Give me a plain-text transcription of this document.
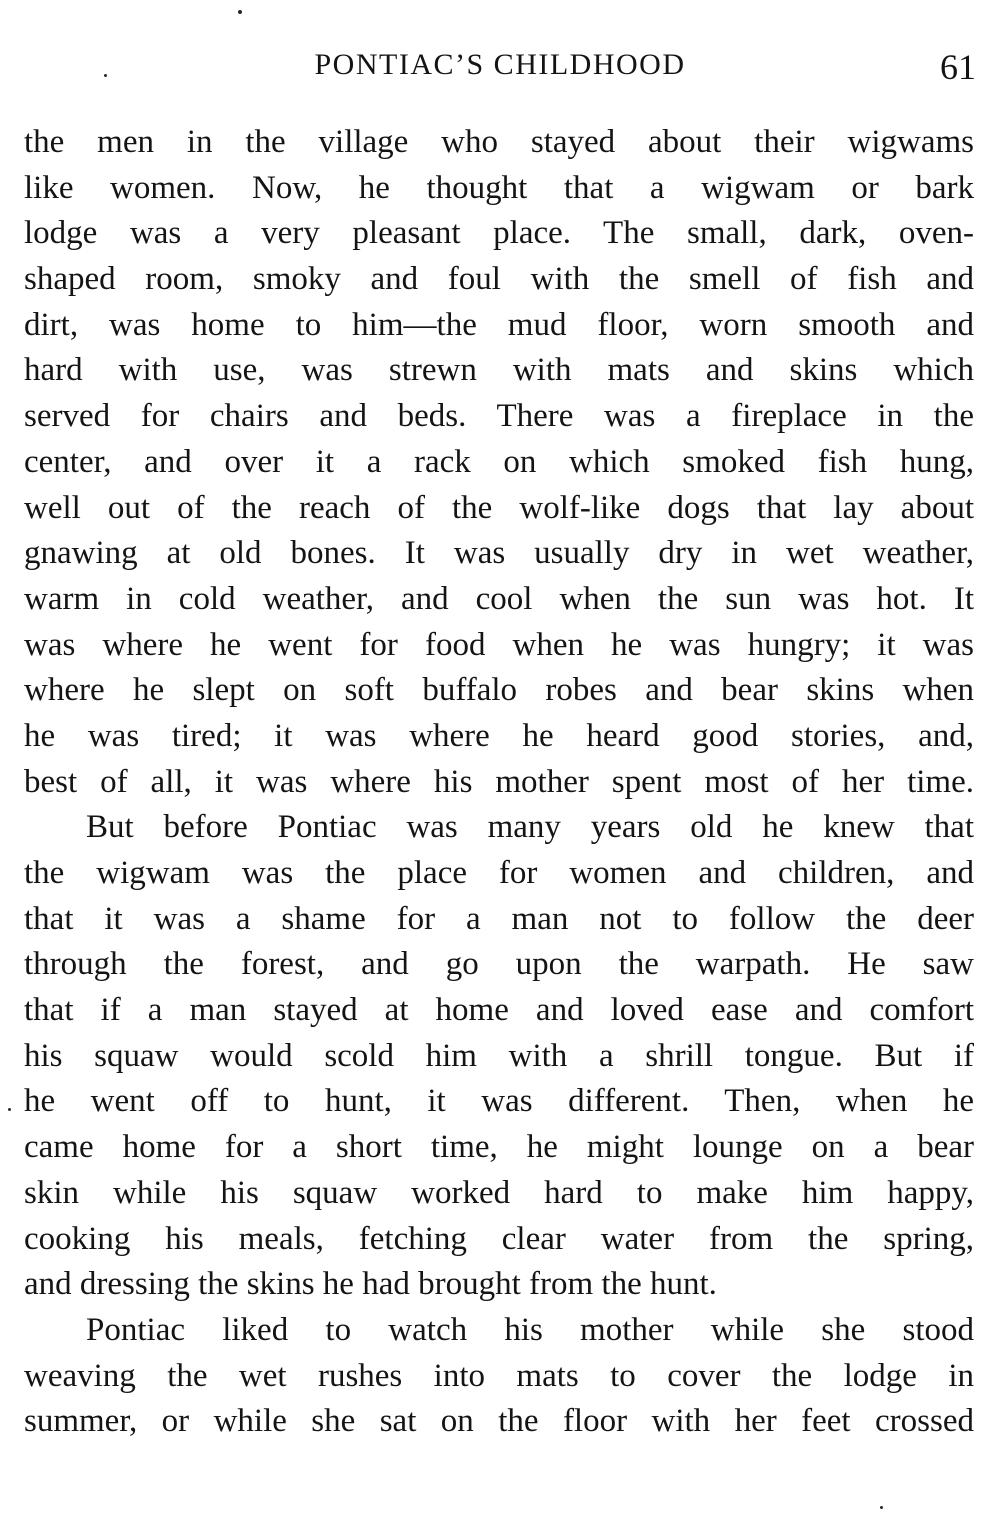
PONTIAC’S CHILDHOOD	61
the men in the village who stayed about their wigwams
like women. Now, he thought that a wigwam or bark
lodge was a very pleasant place. The small, dark, oven-
shaped room, smoky and foul with the smell of fish and
dirt, was home to him—the mud floor, worn smooth and
hard with use, was strewn with mats and skins which
served for chairs and beds. There was a fireplace in the
center, and over it a rack on which smoked fish hung,
well out of the reach of the wolf-like dogs that lay about
gnawing at old bones. It was usually dry in wet weather,
warm in cold weather, and cool when the sun was hot. It
was where he went for food when he was hungry; it was
where he slept on soft buffalo robes and bear skins when
he was tired; it was where he heard good stories, and,
best of all, it was where his mother spent most of her time.
But before Pontiac was many years old he knew that
the wigwam was the place for women and children, and
that it was a shame for a man not to follow the deer
through the forest, and go upon the warpath. He saw
that if a man stayed at home and loved ease and comfort
his squaw would scold him with a shrill tongue. But if
he went off to hunt, it was different. Then, when he
came home for a short time, he might lounge on a bear
skin while his squaw worked hard to make him happy,
cooking his meals, fetching clear water from the spring,
and dressing the skins he had brought from the hunt.
Pontiac liked to watch his mother while she stood
weaving the wet rushes into mats to cover the lodge in
summer, or while she sat on the floor with her feet crossed
